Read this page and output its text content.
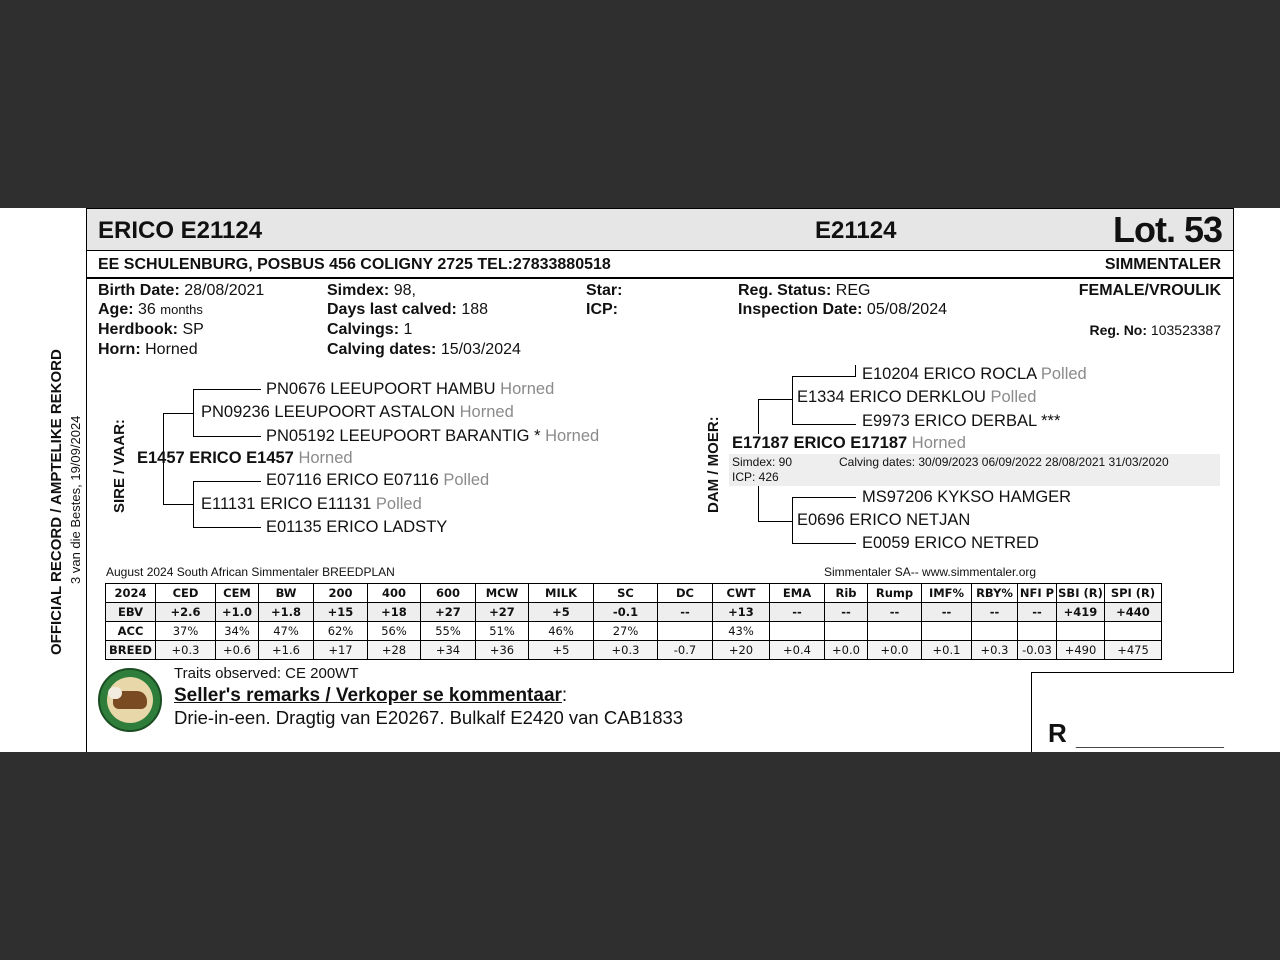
OFFICIAL RECORD / AMPTELIKE REKORD 3 van die Bestes, 19/09/2024
ERICO E21124	E21124	Lot. 53
EE SCHULENBURG, POSBUS 456 COLIGNY 2725 TEL:27833880518	SIMMENTALER
Birth Date: 28/08/2021
Age: 36 months
Herdbook: SP
Horn: Horned
Simdex: 98,
Days last calved: 188
Calvings: 1
Calving dates: 15/03/2024
Star:
ICP:
Reg. Status: REG
Inspection Date: 05/08/2024
FEMALE/VROULIK
Reg. No: 103523387
SIRE / VAAR:
PN0676 LEEUPOORT HAMBU Horned
PN09236 LEEUPOORT ASTALON Horned
PN05192 LEEUPOORT BARANTIG * Horned
E1457 ERICO E1457 Horned
E07116 ERICO E07116 Polled
E11131 ERICO E11131 Polled
E01135 ERICO LADSTY
DAM / MOER:
E10204 ERICO ROCLA Polled
E1334 ERICO DERKLOU Polled
E9973 ERICO DERBAL ***
E17187 ERICO E17187 Horned
Simdex: 90
ICP: 426
Calving dates: 30/09/2023 06/09/2022 28/08/2021 31/03/2020
MS97206 KYKSO HAMGER
E0696 ERICO NETJAN
E0059 ERICO NETRED
August 2024 South African Simmentaler BREEDPLAN	Simmentaler SA-- www.simmentaler.org
2024	CED	CEM	BW	200	400	600	MCW	MILK	SC	DC	CWT	EMA	Rib	Rump	IMF%	RBY%	NFI P	SBI (R)	SPI (R)
EBV	+2.6	+1.0	+1.8	+15	+18	+27	+27	+5	-0.1	--	+13	--	--	--	--	--	--	+419	+440
ACC	37%	34%	47%	62%	56%	55%	51%	46%	27%		43%								
BREED	+0.3	+0.6	+1.6	+17	+28	+34	+36	+5	+0.3	-0.7	+20	+0.4	+0.0	+0.0	+0.1	+0.3	-0.03	+490	+475
Traits observed: CE 200WT
Seller's remarks / Verkoper se kommentaar:
Drie-in-een. Dragtig van E20267. Bulkalf E2420 van CAB1833
R ___________________
